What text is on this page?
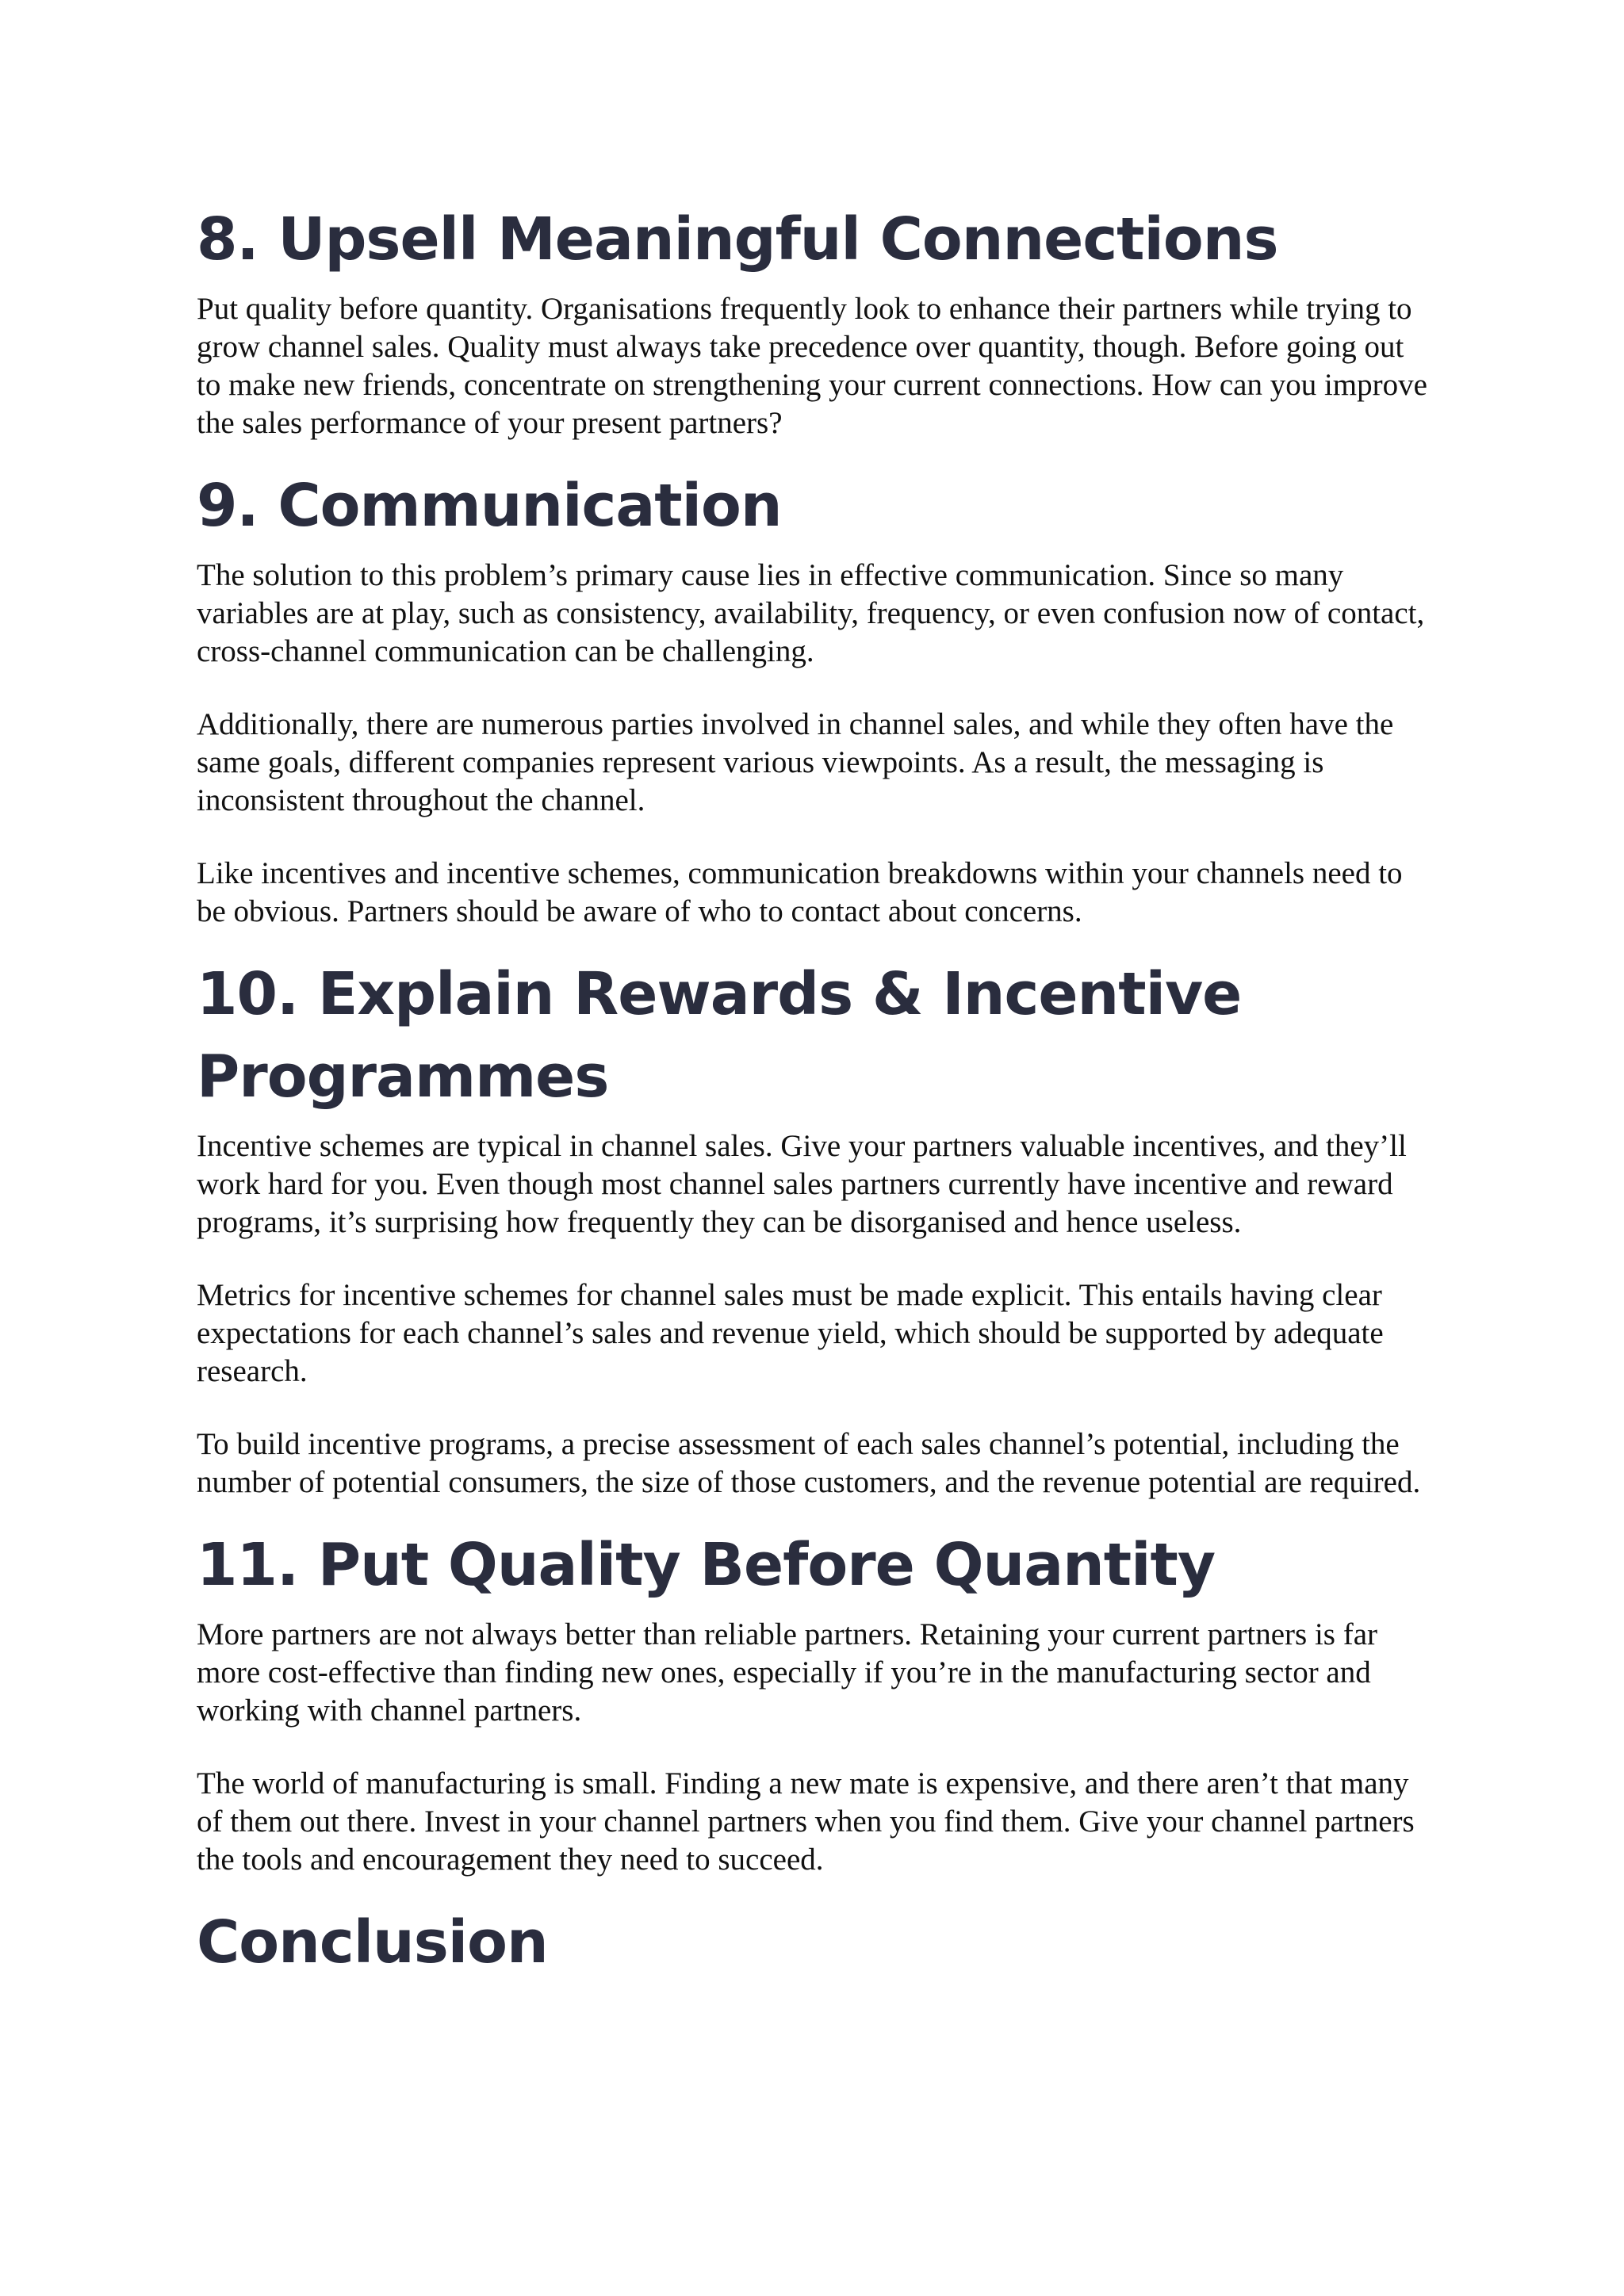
8. Upsell Meaningful Connections

Put quality before quantity. Organisations frequently look to enhance their partners while trying to grow channel sales. Quality must always take precedence over quantity, though. Before going out to make new friends, concentrate on strengthening your current connections. How can you improve the sales performance of your present partners?

9. Communication

The solution to this problem’s primary cause lies in effective communication. Since so many variables are at play, such as consistency, availability, frequency, or even confusion now of contact, cross-channel communication can be challenging.

Additionally, there are numerous parties involved in channel sales, and while they often have the same goals, different companies represent various viewpoints. As a result, the messaging is inconsistent throughout the channel.

Like incentives and incentive schemes, communication breakdowns within your channels need to be obvious. Partners should be aware of who to contact about concerns.

10. Explain Rewards & Incentive Programmes

Incentive schemes are typical in channel sales. Give your partners valuable incentives, and they’ll work hard for you. Even though most channel sales partners currently have incentive and reward programs, it’s surprising how frequently they can be disorganised and hence useless.

Metrics for incentive schemes for channel sales must be made explicit. This entails having clear expectations for each channel’s sales and revenue yield, which should be supported by adequate research.

To build incentive programs, a precise assessment of each sales channel’s potential, including the number of potential consumers, the size of those customers, and the revenue potential are required.

11. Put Quality Before Quantity

More partners are not always better than reliable partners. Retaining your current partners is far more cost-effective than finding new ones, especially if you’re in the manufacturing sector and working with channel partners.

The world of manufacturing is small. Finding a new mate is expensive, and there aren’t that many of them out there. Invest in your channel partners when you find them. Give your channel partners the tools and encouragement they need to succeed.

Conclusion
